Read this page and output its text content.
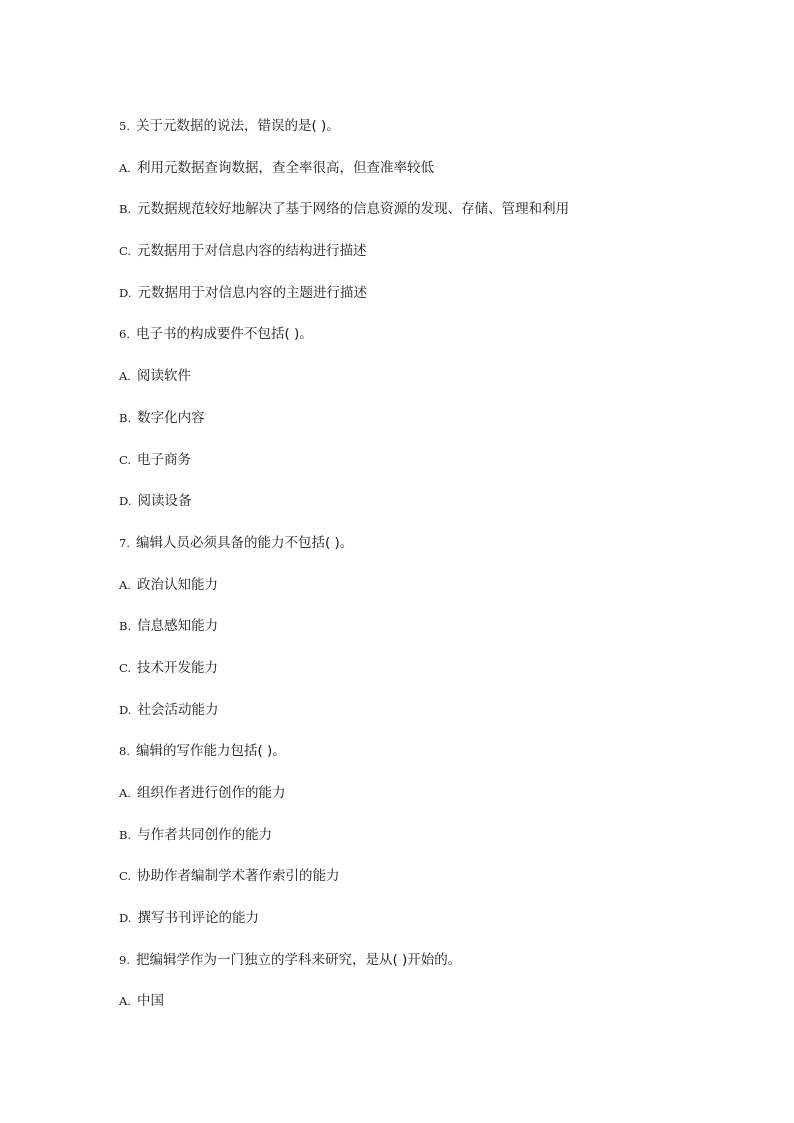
5. 关于元数据的说法，错误的是( )。
A. 利用元数据查询数据，查全率很高，但查准率较低
B. 元数据规范较好地解决了基于网络的信息资源的发现、存储、管理和利用
C. 元数据用于对信息内容的结构进行描述
D. 元数据用于对信息内容的主题进行描述
6. 电子书的构成要件不包括( )。
A. 阅读软件
B. 数字化内容
C. 电子商务
D. 阅读设备
7. 编辑人员必须具备的能力不包括( )。
A. 政治认知能力
B. 信息感知能力
C. 技术开发能力
D. 社会活动能力
8. 编辑的写作能力包括( )。
A. 组织作者进行创作的能力
B. 与作者共同创作的能力
C. 协助作者编制学术著作索引的能力
D. 撰写书刊评论的能力
9. 把编辑学作为一门独立的学科来研究，是从( )开始的。
A. 中国
